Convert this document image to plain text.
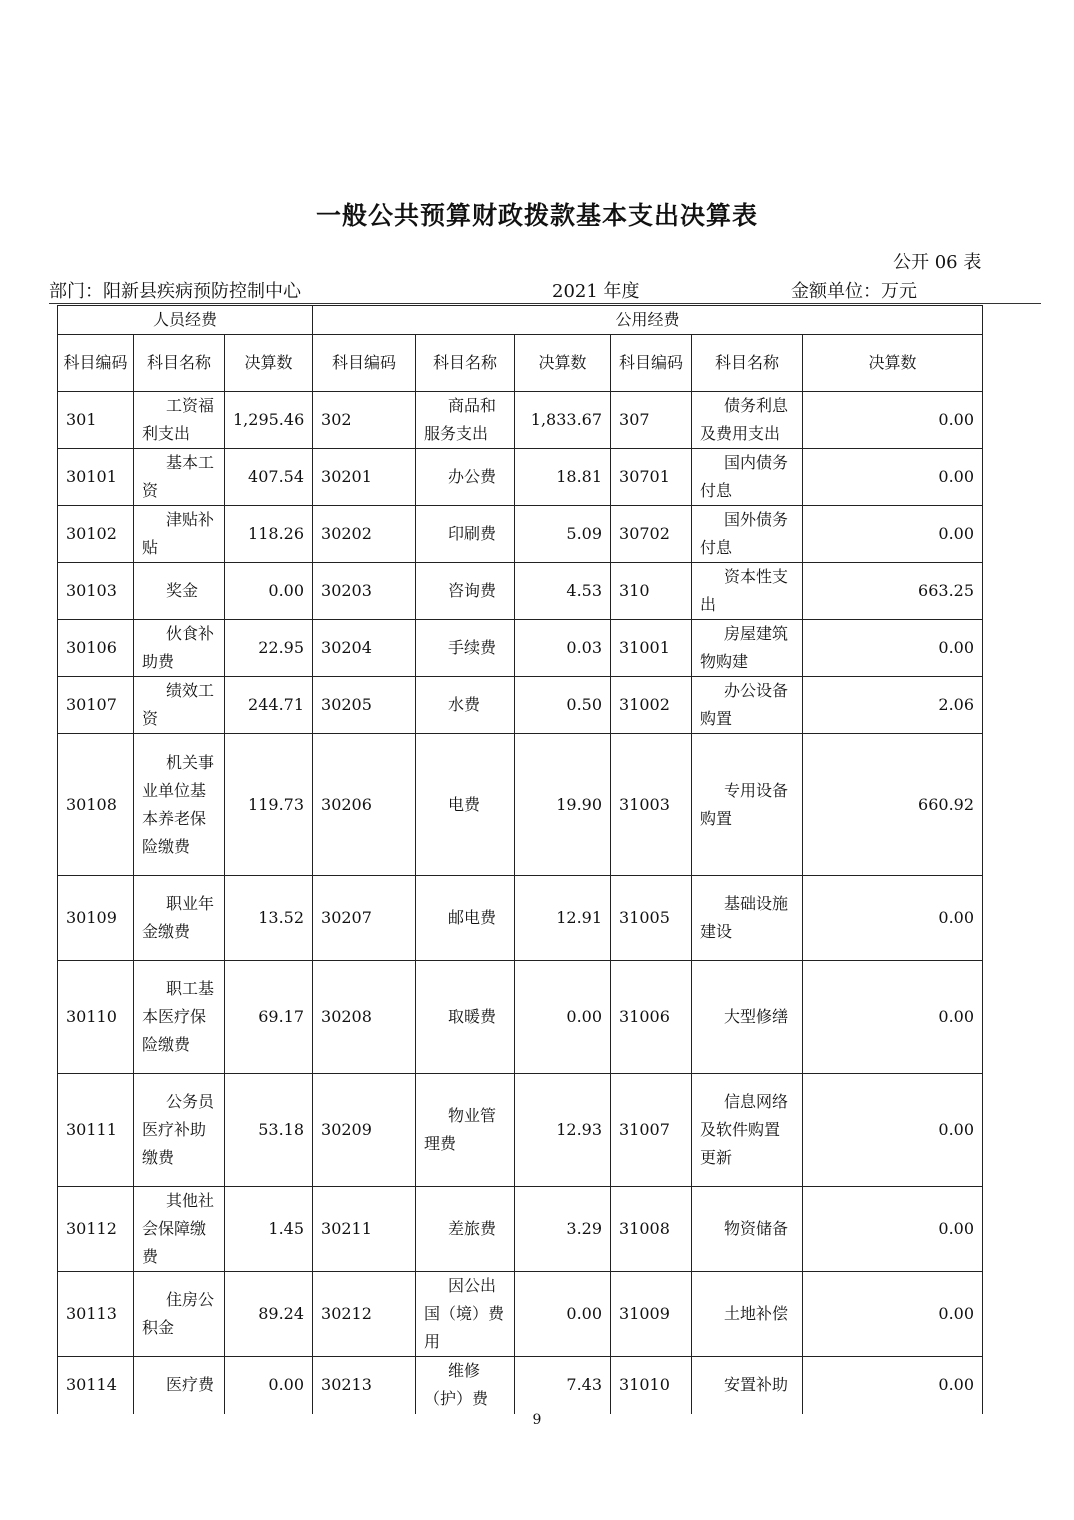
一般公共预算财政拨款基本支出决算表
公开 06 表
部门：阳新县疾病预防控制中心	2021 年度	金额单位：万元
人员经费			公用经费					
科目编码	科目名称	决算数	科目编码	科目名称	决算数	科目编码	科目名称	决算数
301	工资福利支出	1,295.46	302	商品和服务支出	1,833.67	307	债务利息及费用支出	0.00
30101	基本工资	407.54	30201	办公费	18.81	30701	国内债务付息	0.00
30102	津贴补贴	118.26	30202	印刷费	5.09	30702	国外债务付息	0.00
30103	奖金	0.00	30203	咨询费	4.53	310	资本性支出	663.25
30106	伙食补助费	22.95	30204	手续费	0.03	31001	房屋建筑物购建	0.00
30107	绩效工资	244.71	30205	水费	0.50	31002	办公设备购置	2.06
30108	机关事业单位基本养老保险缴费	119.73	30206	电费	19.90	31003	专用设备购置	660.92
30109	职业年金缴费	13.52	30207	邮电费	12.91	31005	基础设施建设	0.00
30110	职工基本医疗保险缴费	69.17	30208	取暖费	0.00	31006	大型修缮	0.00
30111	公务员医疗补助缴费	53.18	30209	物业管理费	12.93	31007	信息网络及软件购置更新	0.00
30112	其他社会保障缴费	1.45	30211	差旅费	3.29	31008	物资储备	0.00
30113	住房公积金	89.24	30212	因公出国（境）费用	0.00	31009	土地补偿	0.00
30114	医疗费	0.00	30213	维修（护）费	7.43	31010	安置补助	0.00
9
